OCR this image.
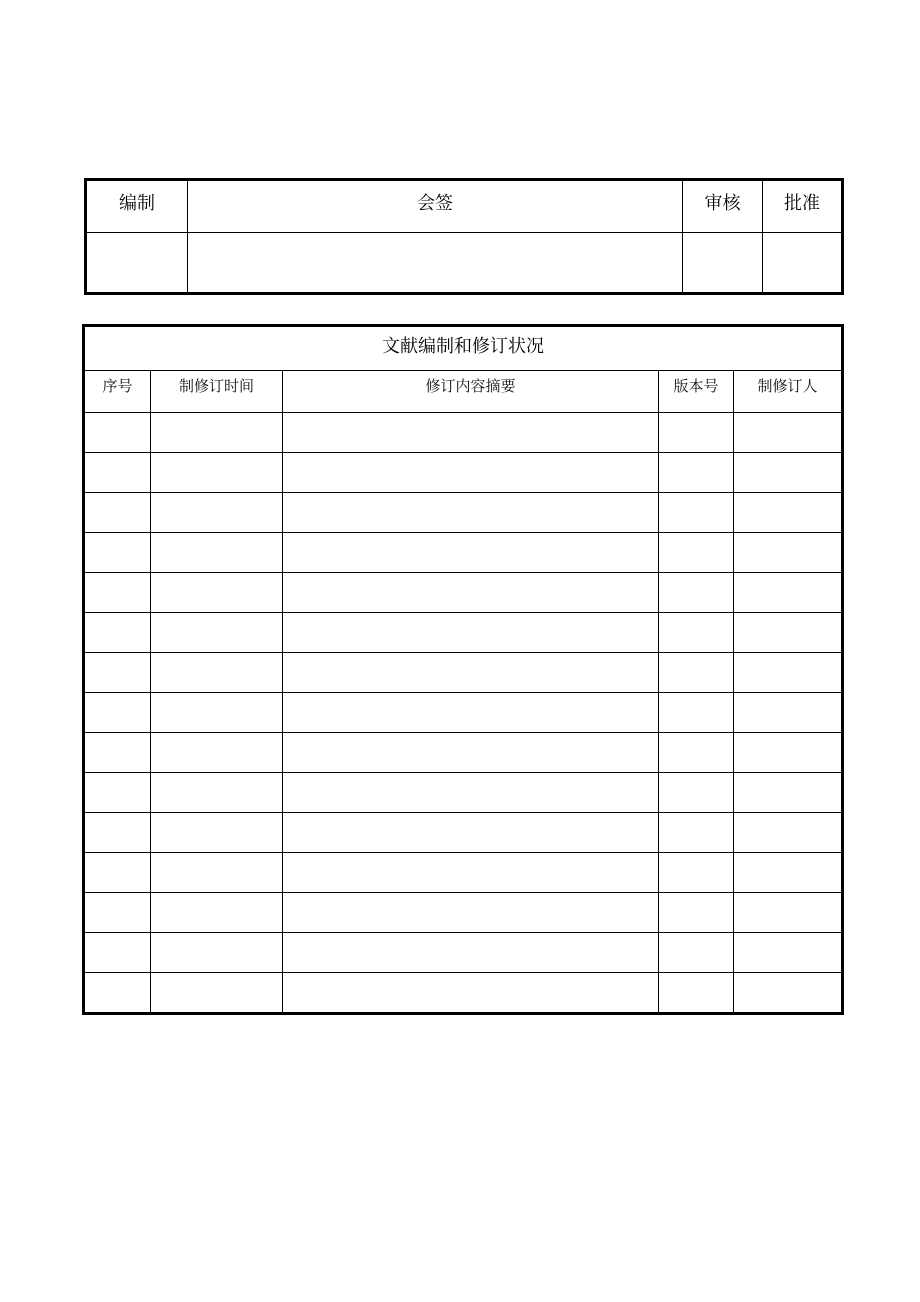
编制	会签	审核	批准

文献编制和修订状况				
序号	制修订时间	修订内容摘要	版本号	制修订人
